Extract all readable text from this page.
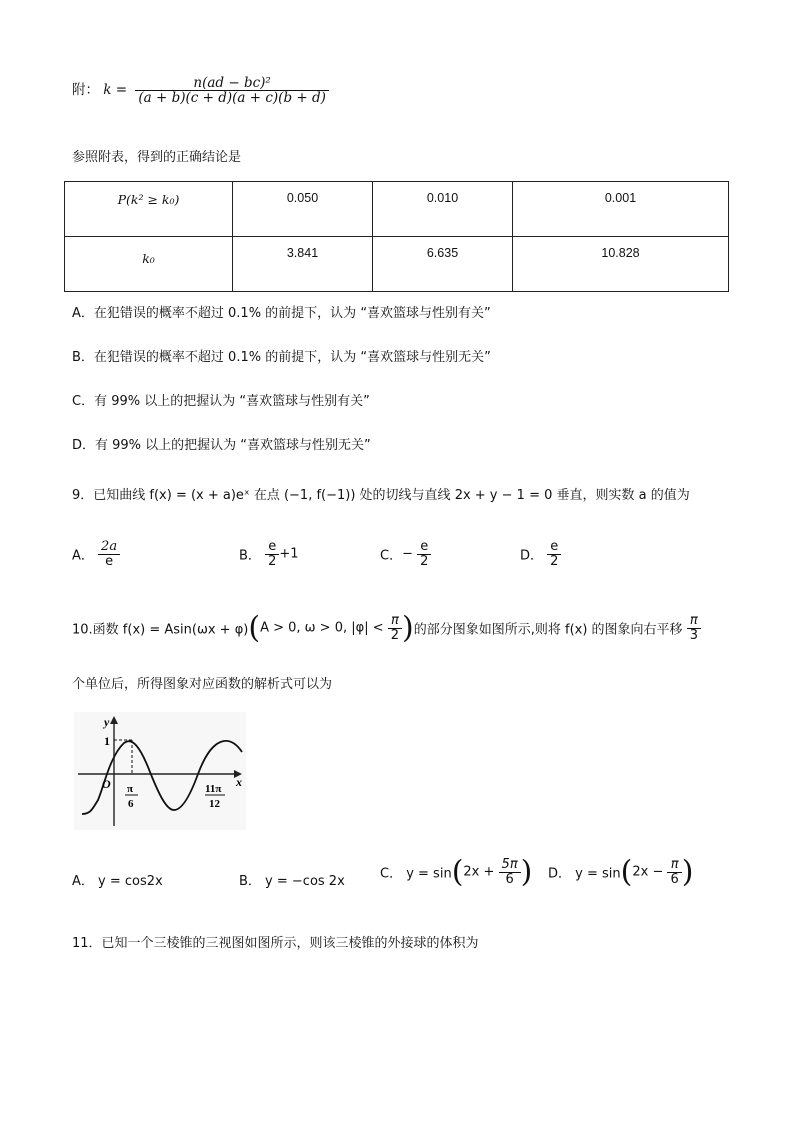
附： $k = \frac{\text{n(ad − bc)²}}{(a + b)(c + d)(a + c)(b + d)}$
参照附表，得到的正确结论是
P(k² ≥ k₀)	0.050	0.010	0.001

k₀	3.841	6.635	10.828
A．在犯错误的概率不超过 0.1% 的前提下，认为 “喜欢篮球与性别有关”
B．在犯错误的概率不超过 0.1% 的前提下，认为 “喜欢篮球与性别无关”
C．有 99% 以上的把握认为 “喜欢篮球与性别有关”
D．有 99% 以上的把握认为 “喜欢篮球与性别无关”
9．已知曲线 f(x) = (x + a)eˣ 在点 (−1, f(−1)) 处的切线与直线 2x + y − 1 = 0 垂直，则实数 a 的值为
A． $\frac{2a}{e}$	B． $\frac{e}{2} +1$	C．− $\frac{e}{2}$	D． $\frac{e}{2}$
10.函数 f(x) = Asin(ωx + φ)(A > 0, ω > 0, $|\varphi| < \frac{\pi}{2}$ )的部分图象如图所示,则将 f(x) 的图象向右平移 $\frac{\pi}{3}$
个单位后，所得图象对应函数的解析式可以为
y
x
O
1
π
6
11π
12
A． y = cos2x	B． y = −cos 2x	C． $y = \sin(2x + \frac{5\pi}{6}$ ) D． $y = \sin(2x - \frac{\pi}{6}$ )
11．已知一个三棱锥的三视图如图所示，则该三棱锥的外接球的体积为
